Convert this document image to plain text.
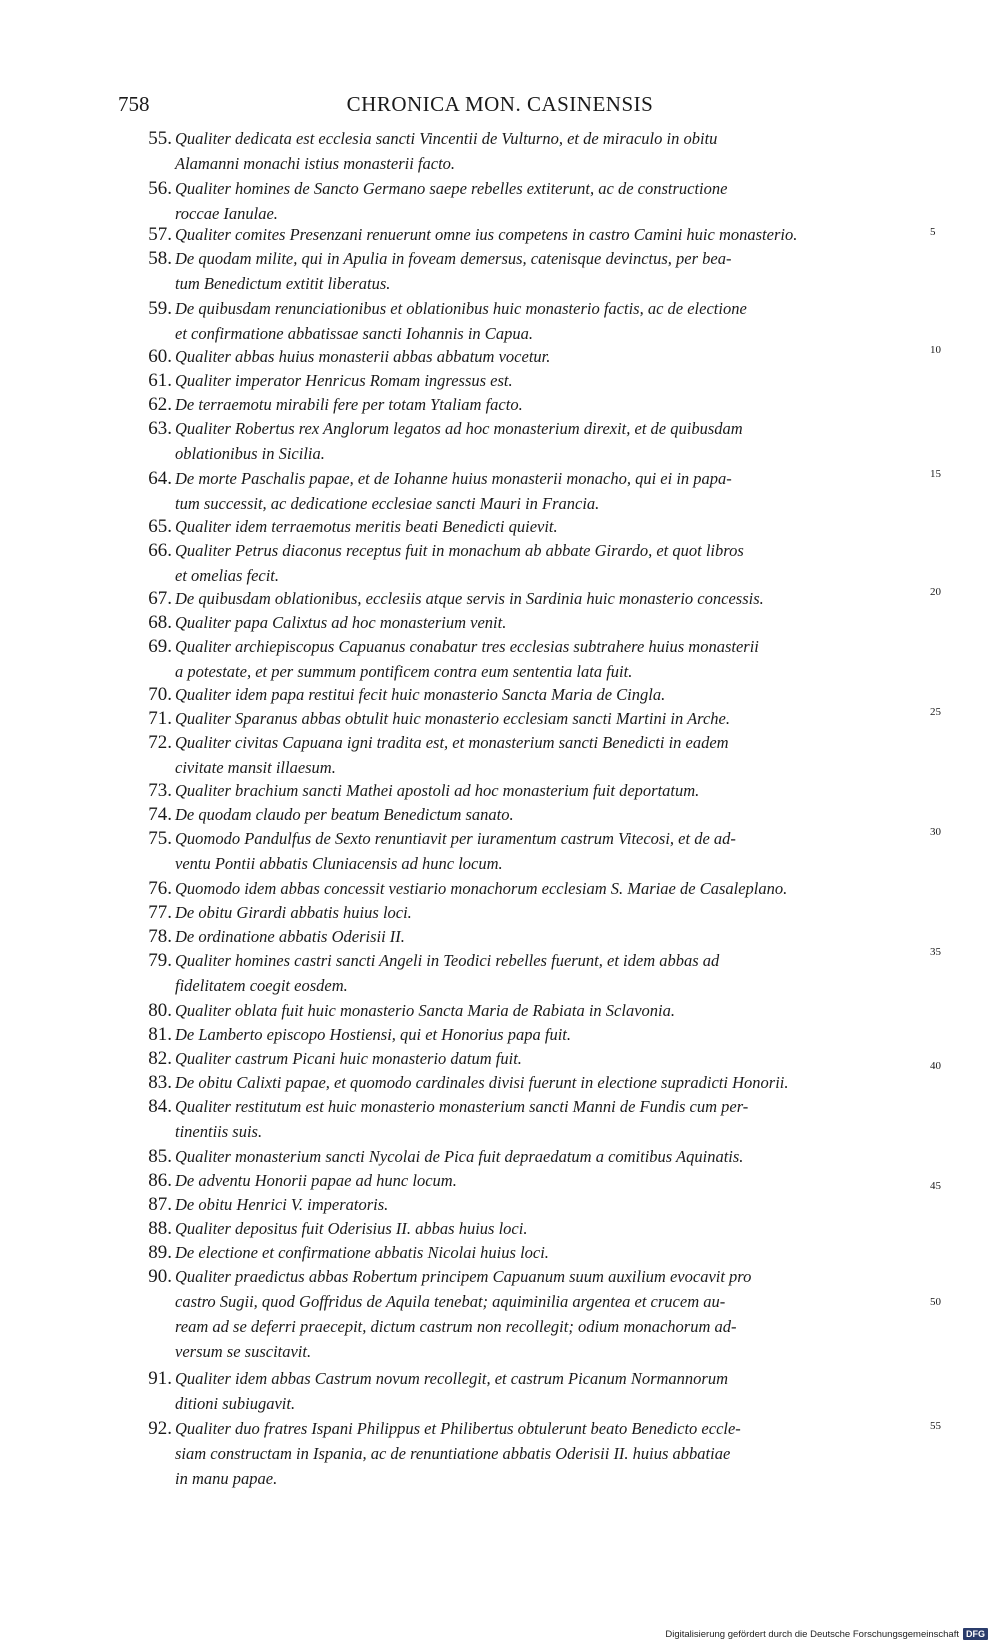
758	CHRONICA MON. CASINENSIS
55. Qualiter dedicata est ecclesia sancti Vincentii de Vulturno, et de miraculo in obitu
Alamanni monachi istius monasterii facto.
56. Qualiter homines de Sancto Germano saepe rebelles extiterunt, ac de constructione
roccae Ianulae.
57. Qualiter comites Presenzani renuerunt omne ius competens in castro Camini huic monasterio.
58. De quodam milite, qui in Apulia in foveam demersus, catenisque devinctus, per bea-
tum Benedictum extitit liberatus.
59. De quibusdam renunciationibus et oblationibus huic monasterio factis, ac de electione
et confirmatione abbatissae sancti Iohannis in Capua.
60. Qualiter abbas huius monasterii abbas abbatum vocetur.
61. Qualiter imperator Henricus Romam ingressus est.
62. De terraemotu mirabili fere per totam Ytaliam facto.
63. Qualiter Robertus rex Anglorum legatos ad hoc monasterium direxit, et de quibusdam
oblationibus in Sicilia.
64. De morte Paschalis papae, et de Iohanne huius monasterii monacho, qui ei in papa-
tum successit, ac dedicatione ecclesiae sancti Mauri in Francia.
65. Qualiter idem terraemotus meritis beati Benedicti quievit.
66. Qualiter Petrus diaconus receptus fuit in monachum ab abbate Girardo, et quot libros
et omelias fecit.
67. De quibusdam oblationibus, ecclesiis atque servis in Sardinia huic monasterio concessis.
68. Qualiter papa Calixtus ad hoc monasterium venit.
69. Qualiter archiepiscopus Capuanus conabatur tres ecclesias subtrahere huius monasterii
a potestate, et per summum pontificem contra eum sententia lata fuit.
70. Qualiter idem papa restitui fecit huic monasterio Sancta Maria de Cingla.
71. Qualiter Sparanus abbas obtulit huic monasterio ecclesiam sancti Martini in Arche.
72. Qualiter civitas Capuana igni tradita est, et monasterium sancti Benedicti in eadem
civitate mansit illaesum.
73. Qualiter brachium sancti Mathei apostoli ad hoc monasterium fuit deportatum.
74. De quodam claudo per beatum Benedictum sanato.
75. Quomodo Pandulfus de Sexto renuntiavit per iuramentum castrum Vitecosi, et de ad-
ventu Pontii abbatis Cluniacensis ad hunc locum.
76. Quomodo idem abbas concessit vestiario monachorum ecclesiam S. Mariae de Casaleplano.
77. De obitu Girardi abbatis huius loci.
78. De ordinatione abbatis Oderisii II.
79. Qualiter homines castri sancti Angeli in Teodici rebelles fuerunt, et idem abbas ad
fidelitatem coegit eosdem.
80. Qualiter oblata fuit huic monasterio Sancta Maria de Rabiata in Sclavonia.
81. De Lamberto episcopo Hostiensi, qui et Honorius papa fuit.
82. Qualiter castrum Picani huic monasterio datum fuit.
83. De obitu Calixti papae, et quomodo cardinales divisi fuerunt in electione supradicti Honorii.
84. Qualiter restitutum est huic monasterio monasterium sancti Manni de Fundis cum per-
tinentiis suis.
85. Qualiter monasterium sancti Nycolai de Pica fuit depraedatum a comitibus Aquinatis.
86. De adventu Honorii papae ad hunc locum.
87. De obitu Henrici V. imperatoris.
88. Qualiter depositus fuit Oderisius II. abbas huius loci.
89. De electione et confirmatione abbatis Nicolai huius loci.
90. Qualiter praedictus abbas Robertum principem Capuanum suum auxilium evocavit pro
castro Sugii, quod Goffridus de Aquila tenebat; aquiminilia argentea et crucem au-
ream ad se deferri praecepit, dictum castrum non recollegit; odium monachorum ad-
versum se suscitavit.
91. Qualiter idem abbas Castrum novum recollegit, et castrum Picanum Normannorum
ditioni subiugavit.
92. Qualiter duo fratres Ispani Philippus et Philibertus obtulerunt beato Benedicto eccle-
siam constructam in Ispania, ac de renuntiatione abbatis Oderisii II. huius abbatiae
in manu papae.
5
10
15
20
25
30
35
40
45
50
55
Digitalisierung gefördert durch die Deutsche Forschungsgemeinschaft DFG
